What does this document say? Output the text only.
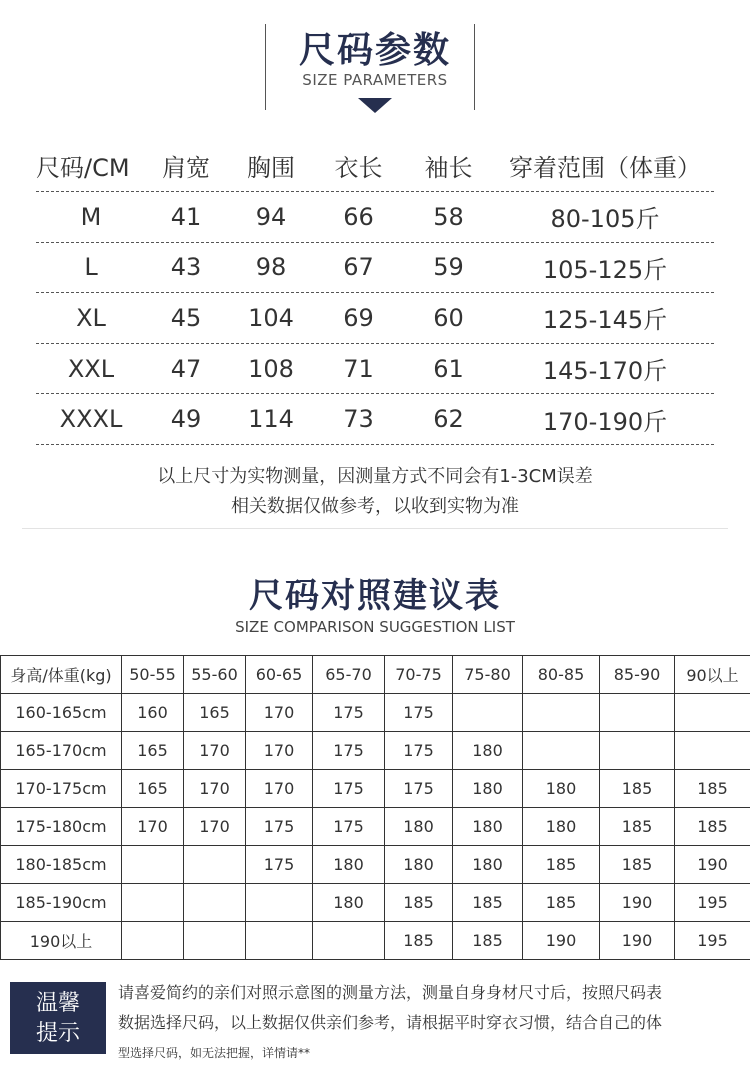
尺码参数
SIZE PARAMETERS
尺码/CM	肩宽	胸围	衣长	袖长	穿着范围（体重）
M	41	94	66	58	80-105斤
L	43	98	67	59	105-125斤
XL	45	104	69	60	125-145斤
XXL	47	108	71	61	145-170斤
XXXL	49	114	73	62	170-190斤
以上尺寸为实物测量，因测量方式不同会有1-3CM误差
相关数据仅做参考，以收到实物为准
尺码对照建议表
SIZE COMPARISON SUGGESTION LIST
身高/体重(kg)	50-55	55-60	60-65	65-70	70-75	75-80	80-85	85-90	90以上
160-165cm	160	165	170	175	175				
165-170cm	165	170	170	175	175	180			
170-175cm	165	170	170	175	175	180	180	185	185
175-180cm	170	170	175	175	180	180	180	185	185
180-185cm			175	180	180	180	185	185	190
185-190cm				180	185	185	185	190	195
190以上					185	185	190	190	195
温馨
提示
请喜爱简约的亲们对照示意图的测量方法，测量自身身材尺寸后，按照尺码表
数据选择尺码，以上数据仅供亲们参考，请根据平时穿衣习惯，结合自己的体
型选择尺码，如无法把握，详情请**
